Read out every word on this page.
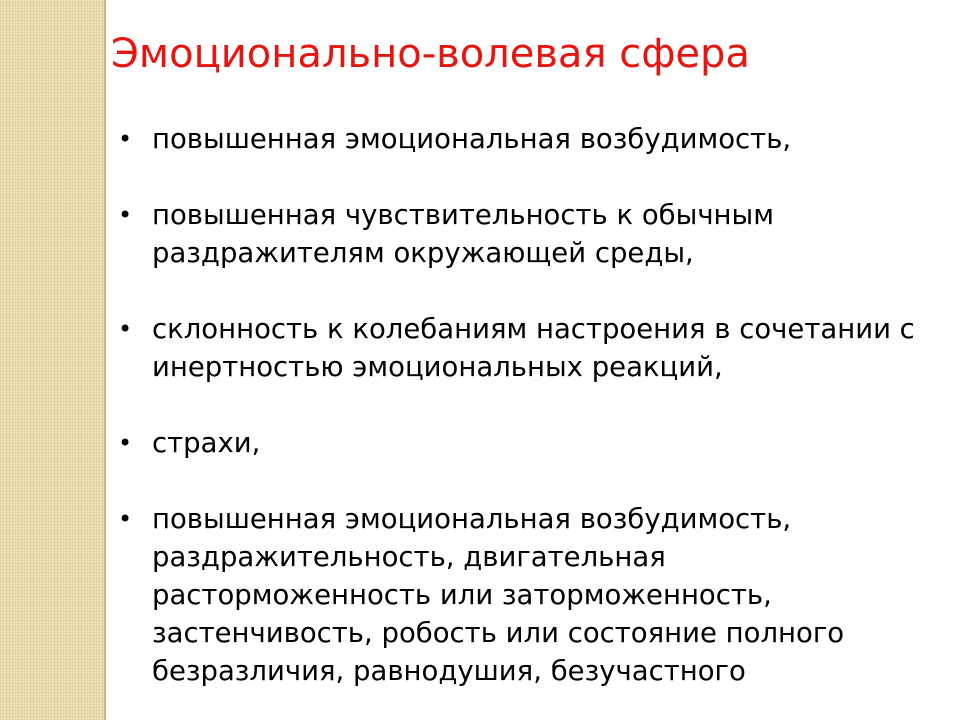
Эмоционально-волевая сфера
• повышенная эмоциональная возбудимость,
• повышенная чувствительность к обычным раздражителям окружающей среды,
• склонность к колебаниям настроения в сочетании с инертностью эмоциональных реакций,
• страхи,
• повышенная эмоциональная возбудимость, раздражительность, двигательная расторможенность или заторможенность, застенчивость, робость или состояние полного безразличия, равнодушия, безучастного
